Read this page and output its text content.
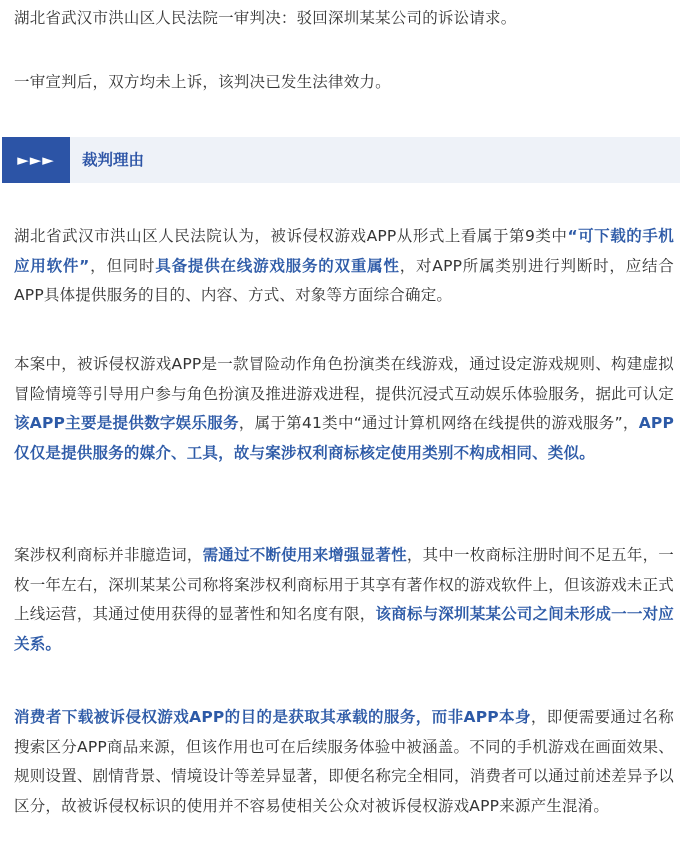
湖北省武汉市洪山区人民法院一审判决：驳回深圳某某公司的诉讼请求。

一审宣判后，双方均未上诉，该判决已发生法律效力。

►►►	裁判理由

湖北省武汉市洪山区人民法院认为，被诉侵权游戏APP从形式上看属于第9类中“可下载的手机应用软件”，但同时具备提供在线游戏服务的双重属性，对APP所属类别进行判断时，应结合APP具体提供服务的目的、内容、方式、对象等方面综合确定。

本案中，被诉侵权游戏APP是一款冒险动作角色扮演类在线游戏，通过设定游戏规则、构建虚拟冒险情境等引导用户参与角色扮演及推进游戏进程，提供沉浸式互动娱乐体验服务，据此可认定该APP主要是提供数字娱乐服务，属于第41类中“通过计算机网络在线提供的游戏服务”，APP仅仅是提供服务的媒介、工具，故与案涉权利商标核定使用类别不构成相同、类似。

案涉权利商标并非臆造词，需通过不断使用来增强显著性，其中一枚商标注册时间不足五年，一枚一年左右，深圳某某公司称将案涉权利商标用于其享有著作权的游戏软件上，但该游戏未正式上线运营，其通过使用获得的显著性和知名度有限，该商标与深圳某某公司之间未形成一一对应关系。

消费者下载被诉侵权游戏APP的目的是获取其承载的服务，而非APP本身，即便需要通过名称搜索区分APP商品来源，但该作用也可在后续服务体验中被涵盖。不同的手机游戏在画面效果、规则设置、剧情背景、情境设计等差异显著，即便名称完全相同，消费者可以通过前述差异予以区分，故被诉侵权标识的使用并不容易使相关公众对被诉侵权游戏APP来源产生混淆。
